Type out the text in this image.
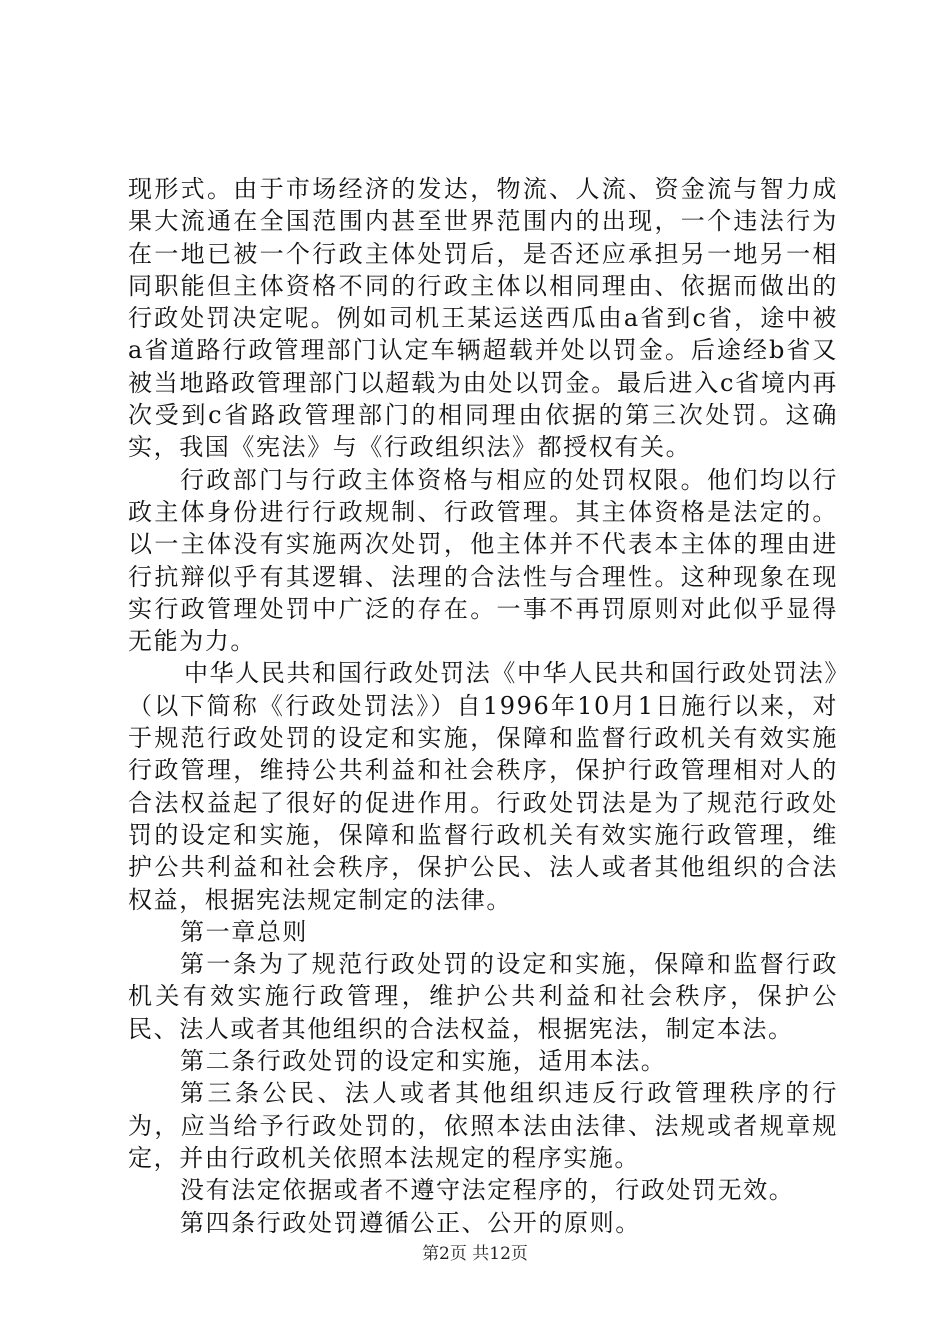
现形式。由于市场经济的发达，物流、人流、资金流与智力成果大流通在全国范围内甚至世界范围内的出现，一个违法行为在一地已被一个行政主体处罚后，是否还应承担另一地另一相同职能但主体资格不同的行政主体以相同理由、依据而做出的行政处罚决定呢。例如司机王某运送西瓜由a省到c省，途中被a省道路行政管理部门认定车辆超载并处以罚金。后途经b省又被当地路政管理部门以超载为由处以罚金。最后进入c省境内再次受到c省路政管理部门的相同理由依据的第三次处罚。这确实，我国《宪法》与《行政组织法》都授权有关。

行政部门与行政主体资格与相应的处罚权限。他们均以行政主体身份进行行政规制、行政管理。其主体资格是法定的。以一主体没有实施两次处罚，他主体并不代表本主体的理由进行抗辩似乎有其逻辑、法理的合法性与合理性。这种现象在现实行政管理处罚中广泛的存在。一事不再罚原则对此似乎显得无能为力。

中华人民共和国行政处罚法《中华人民共和国行政处罚法》（以下简称《行政处罚法》）自1996年10月1日施行以来，对于规范行政处罚的设定和实施，保障和监督行政机关有效实施行政管理，维持公共利益和社会秩序，保护行政管理相对人的合法权益起了很好的促进作用。行政处罚法是为了规范行政处罚的设定和实施，保障和监督行政机关有效实施行政管理，维护公共利益和社会秩序，保护公民、法人或者其他组织的合法权益，根据宪法规定制定的法律。

第一章总则

第一条为了规范行政处罚的设定和实施，保障和监督行政机关有效实施行政管理，维护公共利益和社会秩序，保护公民、法人或者其他组织的合法权益，根据宪法，制定本法。

第二条行政处罚的设定和实施，适用本法。

第三条公民、法人或者其他组织违反行政管理秩序的行为，应当给予行政处罚的，依照本法由法律、法规或者规章规定，并由行政机关依照本法规定的程序实施。

没有法定依据或者不遵守法定程序的，行政处罚无效。

第四条行政处罚遵循公正、公开的原则。

第2页 共12页
